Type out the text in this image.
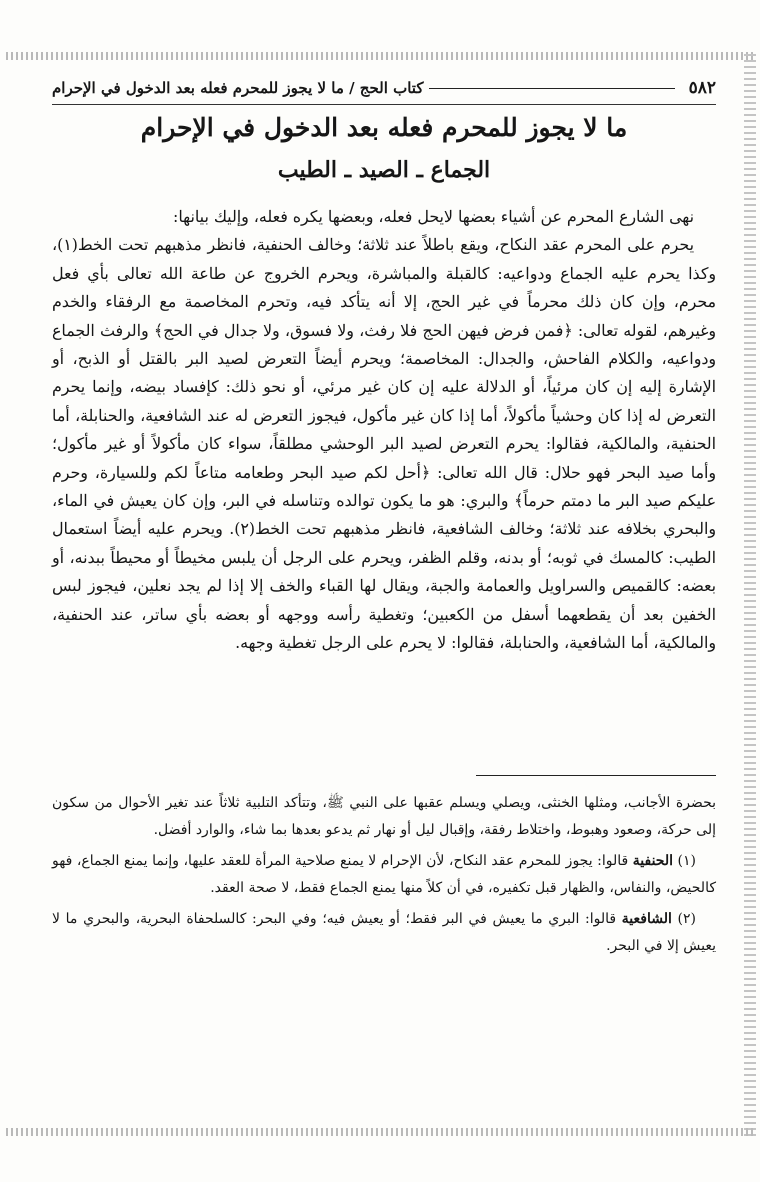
٥٨٢
كتاب الحج / ما لا يجوز للمحرم فعله بعد الدخول في الإحرام
ما لا يجوز للمحرم فعله بعد الدخول في الإحرام
الجماع ـ الصيد ـ الطيب

نهى الشارع المحرم عن أشياء بعضها لايحل فعله، وبعضها يكره فعله، وإليك بيانها:

يحرم على المحرم عقد النكاح، ويقع باطلاً عند ثلاثة؛ وخالف الحنفية، فانظر مذهبهم تحت الخط(١)، وكذا يحرم عليه الجماع ودواعيه: كالقبلة والمباشرة، ويحرم الخروج عن طاعة الله تعالى بأي فعل محرم، وإن كان ذلك محرماً في غير الحج، إلا أنه يتأكد فيه، وتحرم المخاصمة مع الرفقاء والخدم وغيرهم، لقوله تعالى: ﴿فمن فرض فيهن الحج فلا رفث، ولا فسوق، ولا جدال في الحج﴾ والرفث الجماع ودواعيه، والكلام الفاحش، والجدال: المخاصمة؛ ويحرم أيضاً التعرض لصيد البر بالقتل أو الذبح، أو الإشارة إليه إن كان مرئياً، أو الدلالة عليه إن كان غير مرئي، أو نحو ذلك: كإفساد بيضه، وإنما يحرم التعرض له إذا كان وحشياً مأكولاً، أما إذا كان غير مأكول، فيجوز التعرض له عند الشافعية، والحنابلة، أما الحنفية، والمالكية، فقالوا: يحرم التعرض لصيد البر الوحشي مطلقاً، سواء كان مأكولاً أو غير مأكول؛ وأما صيد البحر فهو حلال: قال الله تعالى: ﴿أحل لكم صيد البحر وطعامه متاعاً لكم وللسيارة، وحرم عليكم صيد البر ما دمتم حرماً﴾ والبري: هو ما يكون توالده وتناسله في البر، وإن كان يعيش في الماء، والبحري بخلافه عند ثلاثة؛ وخالف الشافعية، فانظر مذهبهم تحت الخط(٢). ويحرم عليه أيضاً استعمال الطيب: كالمسك في ثوبه؛ أو بدنه، وقلم الظفر، ويحرم على الرجل أن يلبس مخيطاً أو محيطاً ببدنه، أو بعضه: كالقميص والسراويل والعمامة والجبة، ويقال لها القباء والخف إلا إذا لم يجد نعلين، فيجوز لبس الخفين بعد أن يقطعهما أسفل من الكعبين؛ وتغطية رأسه ووجهه أو بعضه بأي ساتر، عند الحنفية، والمالكية، أما الشافعية، والحنابلة، فقالوا: لا يحرم على الرجل تغطية وجهه.

بحضرة الأجانب، ومثلها الخنثى، ويصلي ويسلم عقبها على النبي ﷺ، وتتأكد التلبية ثلاثاً عند تغير الأحوال من سكون إلى حركة، وصعود وهبوط، واختلاط رفقة، وإقبال ليل أو نهار ثم يدعو بعدها بما شاء، والوارد أفضل.

(١) الحنفية قالوا: يجوز للمحرم عقد النكاح، لأن الإحرام لا يمنع صلاحية المرأة للعقد عليها، وإنما يمنع الجماع، فهو كالحيض، والنفاس، والظهار قبل تكفيره، في أن كلاً منها يمنع الجماع فقط، لا صحة العقد.

(٢) الشافعية قالوا: البري ما يعيش في البر فقط؛ أو يعيش فيه؛ وفي البحر: كالسلحفاة البحرية، والبحري ما لا يعيش إلا في البحر.
